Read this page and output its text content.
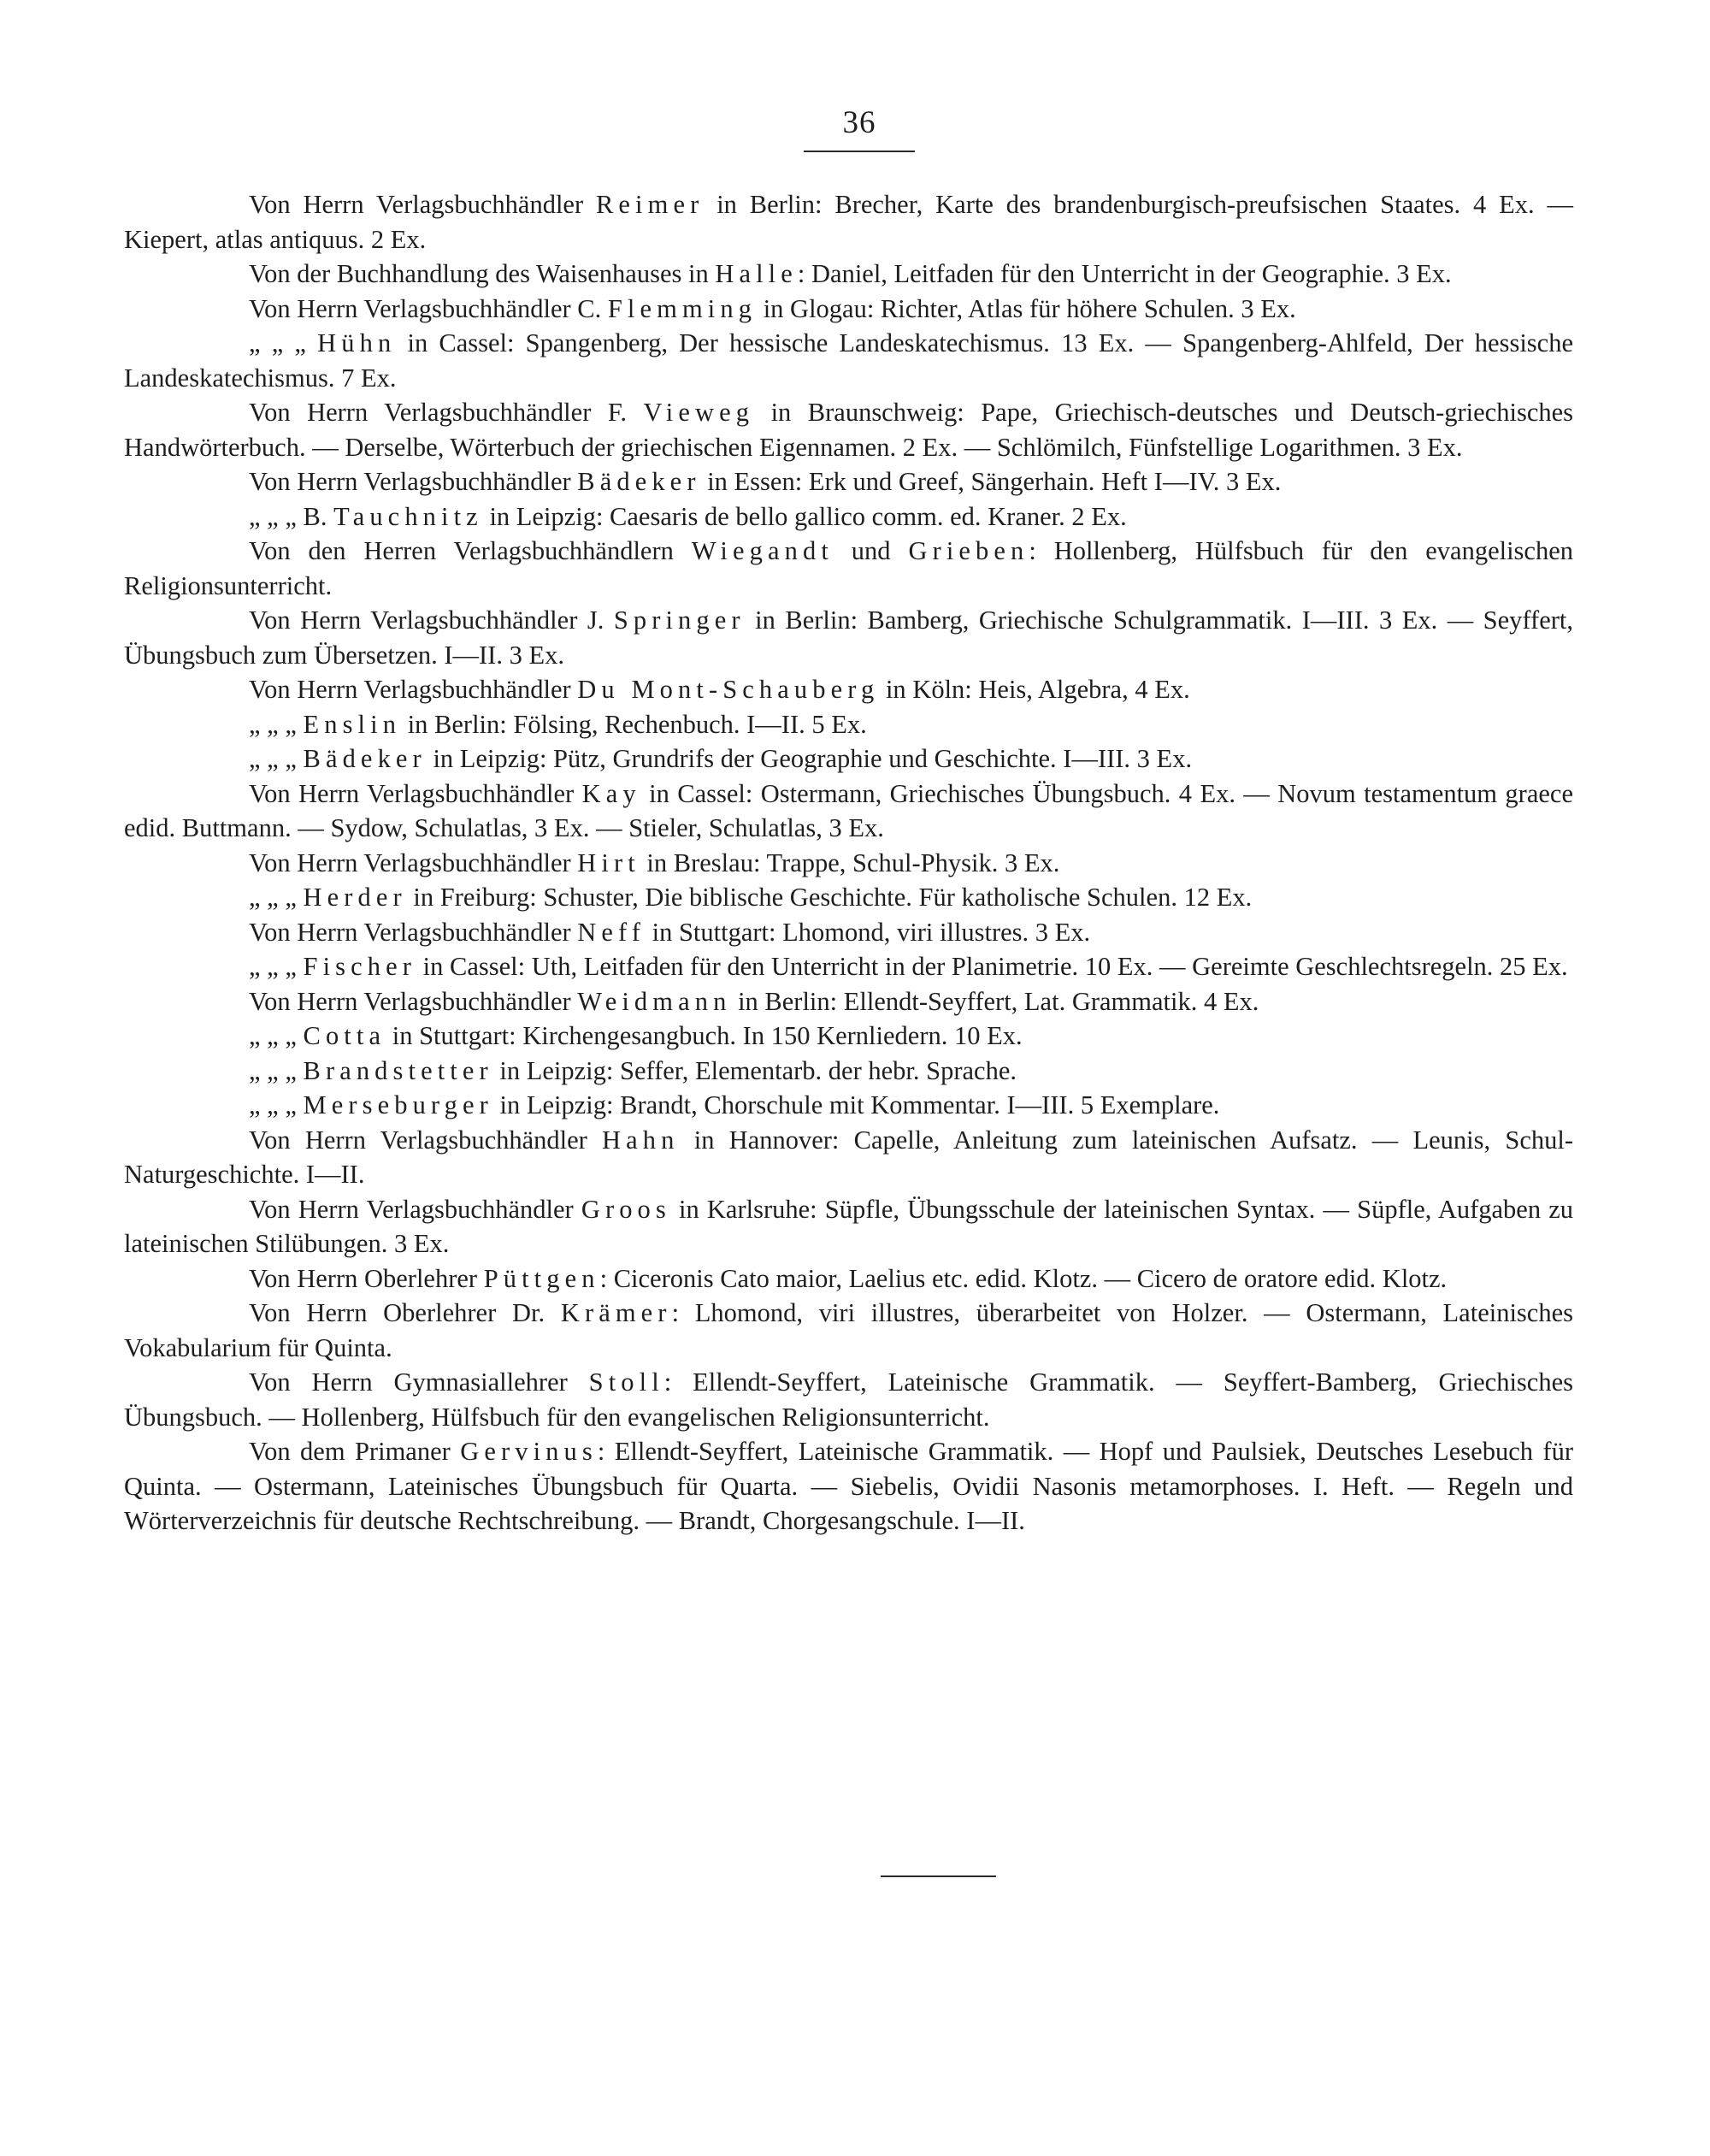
36

Von Herrn Verlagsbuchhändler Reimer in Berlin: Brecher, Karte des brandenburgisch-preufsischen Staates. 4 Ex. — Kiepert, atlas antiquus. 2 Ex.

Von der Buchhandlung des Waisenhauses in Halle: Daniel, Leitfaden für den Unterricht in der Geographie. 3 Ex.

Von Herrn Verlagsbuchhändler C. Flemming in Glogau: Richter, Atlas für höhere Schulen. 3 Ex.

„ „ „ Hühn in Cassel: Spangenberg, Der hessische Landeskatechismus. 13 Ex. — Spangenberg-Ahlfeld, Der hessische Landeskatechismus. 7 Ex.

Von Herrn Verlagsbuchhändler F. Vieweg in Braunschweig: Pape, Griechisch-deutsches und Deutsch-griechisches Handwörterbuch. — Derselbe, Wörterbuch der griechischen Eigennamen. 2 Ex. — Schlömilch, Fünfstellige Logarithmen. 3 Ex.

Von Herrn Verlagsbuchhändler Bädeker in Essen: Erk und Greef, Sängerhain. Heft I—IV. 3 Ex.

„ „ „ B. Tauchnitz in Leipzig: Caesaris de bello gallico comm. ed. Kraner. 2 Ex.

Von den Herren Verlagsbuchhändlern Wiegandt und Grieben: Hollenberg, Hülfsbuch für den evangelischen Religionsunterricht.

Von Herrn Verlagsbuchhändler J. Springer in Berlin: Bamberg, Griechische Schulgrammatik. I—III. 3 Ex. — Seyffert, Übungsbuch zum Übersetzen. I—II. 3 Ex.

Von Herrn Verlagsbuchhändler Du Mont-Schauberg in Köln: Heis, Algebra, 4 Ex.

„ „ „ Enslin in Berlin: Fölsing, Rechenbuch. I—II. 5 Ex.

„ „ „ Bädeker in Leipzig: Pütz, Grundrifs der Geographie und Geschichte. I—III. 3 Ex.

Von Herrn Verlagsbuchhändler Kay in Cassel: Ostermann, Griechisches Übungsbuch. 4 Ex. — Novum testamentum graece edid. Buttmann. — Sydow, Schulatlas, 3 Ex. — Stieler, Schulatlas, 3 Ex.

Von Herrn Verlagsbuchhändler Hirt in Breslau: Trappe, Schul-Physik. 3 Ex.

„ „ „ Herder in Freiburg: Schuster, Die biblische Geschichte. Für katholische Schulen. 12 Ex.

Von Herrn Verlagsbuchhändler Neff in Stuttgart: Lhomond, viri illustres. 3 Ex.

„ „ „ Fischer in Cassel: Uth, Leitfaden für den Unterricht in der Planimetrie. 10 Ex. — Gereimte Geschlechtsregeln. 25 Ex.

Von Herrn Verlagsbuchhändler Weidmann in Berlin: Ellendt-Seyffert, Lat. Grammatik. 4 Ex.

„ „ „ Cotta in Stuttgart: Kirchengesangbuch. In 150 Kernliedern. 10 Ex.

„ „ „ Brandstetter in Leipzig: Seffer, Elementarb. der hebr. Sprache.

„ „ „ Merseburger in Leipzig: Brandt, Chorschule mit Kommentar. I—III. 5 Exemplare.

Von Herrn Verlagsbuchhändler Hahn in Hannover: Capelle, Anleitung zum lateinischen Aufsatz. — Leunis, Schul-Naturgeschichte. I—II.

Von Herrn Verlagsbuchhändler Groos in Karlsruhe: Süpfle, Übungsschule der lateinischen Syntax. — Süpfle, Aufgaben zu lateinischen Stilübungen. 3 Ex.

Von Herrn Oberlehrer Püttgen: Ciceronis Cato maior, Laelius etc. edid. Klotz. — Cicero de oratore edid. Klotz.

Von Herrn Oberlehrer Dr. Krämer: Lhomond, viri illustres, überarbeitet von Holzer. — Ostermann, Lateinisches Vokabularium für Quinta.

Von Herrn Gymnasiallehrer Stoll: Ellendt-Seyffert, Lateinische Grammatik. — Seyffert-Bamberg, Griechisches Übungsbuch. — Hollenberg, Hülfsbuch für den evangelischen Religionsunterricht.

Von dem Primaner Gervinus: Ellendt-Seyffert, Lateinische Grammatik. — Hopf und Paulsiek, Deutsches Lesebuch für Quinta. — Ostermann, Lateinisches Übungsbuch für Quarta. — Siebelis, Ovidii Nasonis metamorphoses. I. Heft. — Regeln und Wörterverzeichnis für deutsche Rechtschreibung. — Brandt, Chorgesangschule. I—II.
